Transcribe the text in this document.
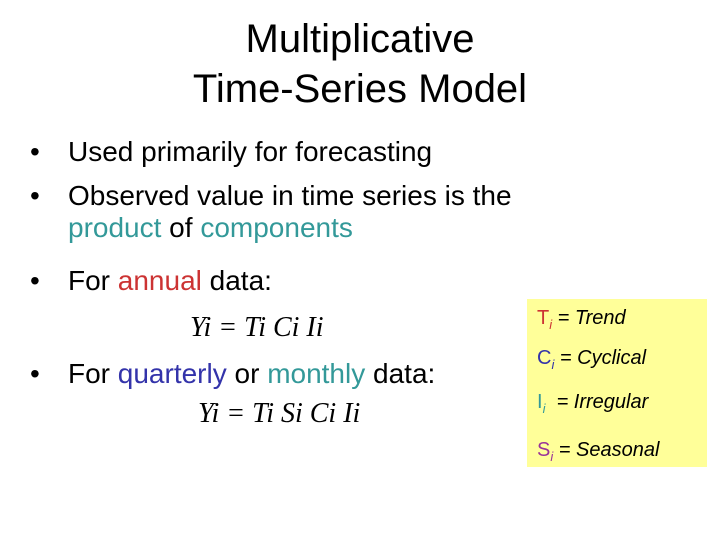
Multiplicative
Time-Series Model
• Used primarily for forecasting
• Observed value in time series is the
product of components
• For annual data:
Yi = Ti Ci Ii
• For quarterly or monthly data:
Yi = Ti Si Ci Ii
$T_i$ = Trend
$C_i$ = Cyclical
$I_i$  = Irregular
$S_i$ = Seasonal
